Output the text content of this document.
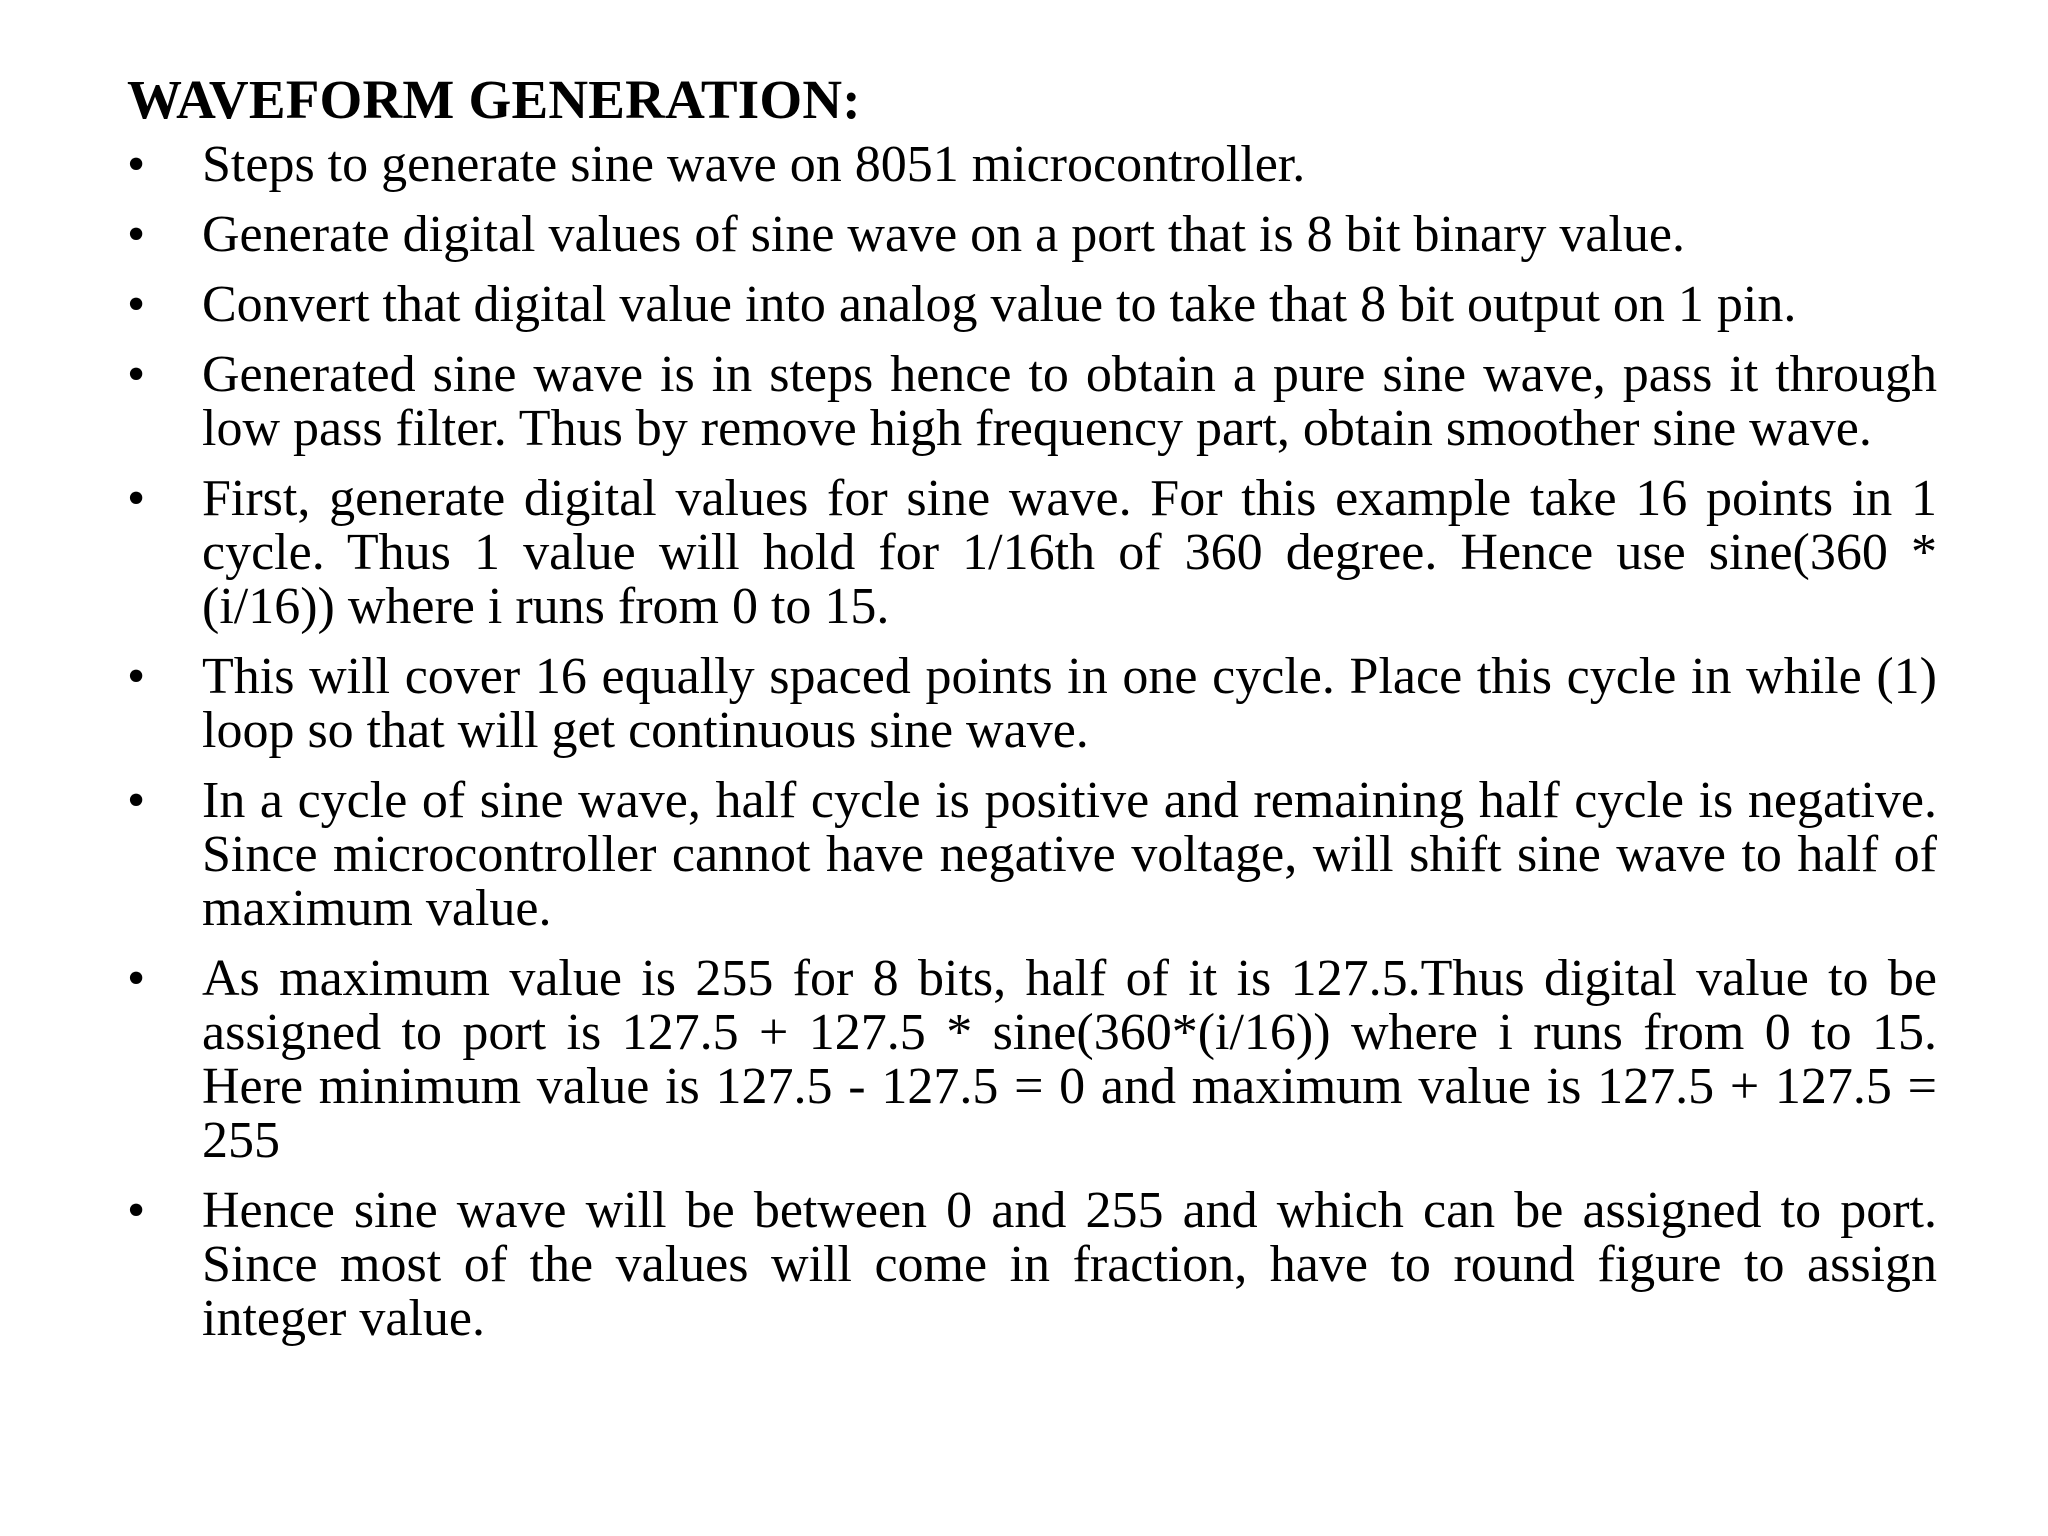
WAVEFORM GENERATION:
• Steps to generate sine wave on 8051 microcontroller.
• Generate digital values of sine wave on a port that is 8 bit binary value.
• Convert that digital value into analog value to take that 8 bit output on 1 pin.
• Generated sine wave is in steps hence to obtain a pure sine wave, pass it through low pass filter. Thus by remove high frequency part, obtain smoother sine wave.
• First, generate digital values for sine wave. For this example take 16 points in 1 cycle. Thus 1 value will hold for 1/16th of 360 degree. Hence use sine(360 * (i/16)) where i runs from 0 to 15.
• This will cover 16 equally spaced points in one cycle. Place this cycle in while (1) loop so that will get continuous sine wave.
• In a cycle of sine wave, half cycle is positive and remaining half cycle is negative. Since microcontroller cannot have negative voltage, will shift sine wave to half of maximum value.
• As maximum value is 255 for 8 bits, half of it is 127.5.Thus digital value to be assigned to port is 127.5 + 127.5 * sine(360*(i/16)) where i runs from 0 to 15. Here minimum value is 127.5 - 127.5 = 0 and maximum value is 127.5 + 127.5 = 255
• Hence sine wave will be between 0 and 255 and which can be assigned to port. Since most of the values will come in fraction, have to round figure to assign integer value.
